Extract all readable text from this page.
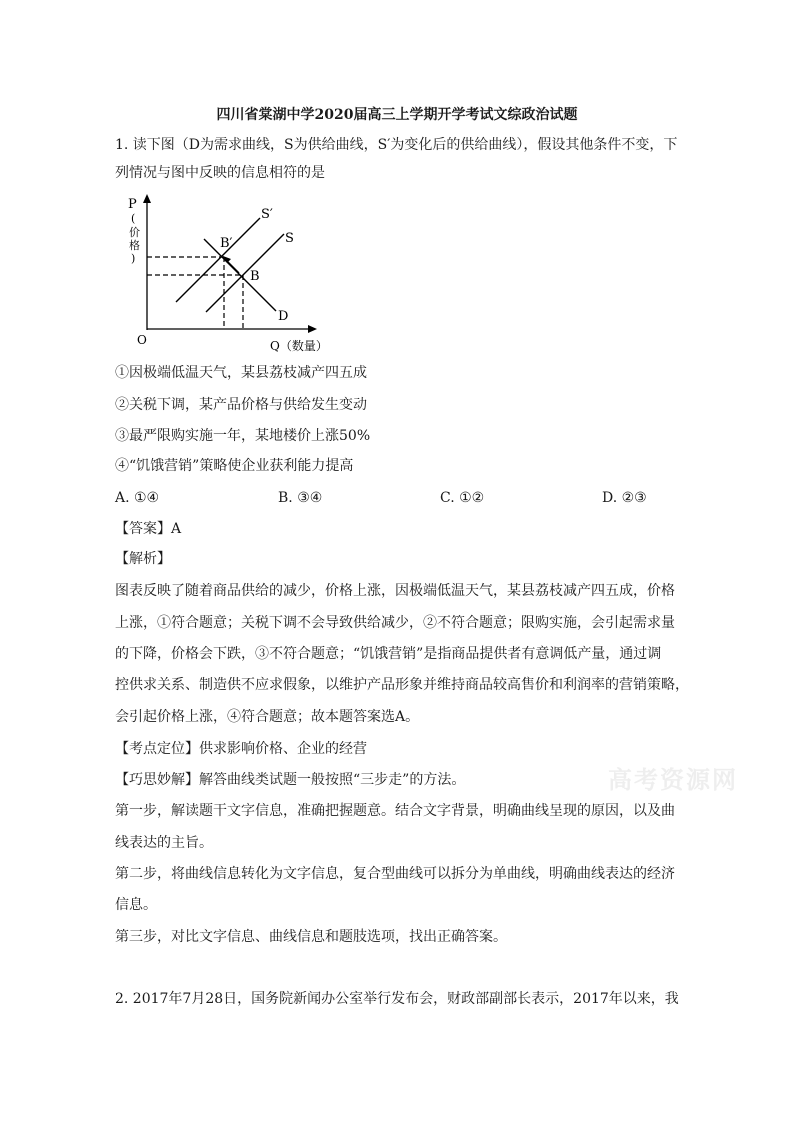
四川省棠湖中学2020届高三上学期开学考试文综政治试题
1. 读下图（D为需求曲线，S为供给曲线，S′为变化后的供给曲线），假设其他条件不变，下
列情况与图中反映的信息相符的是
P
(
价
格
)
O	Q（数量）
S′
S
B′
B
D
①因极端低温天气，某县荔枝减产四五成
②关税下调，某产品价格与供给发生变动
③最严限购实施一年，某地楼价上涨50%
④“饥饿营销”策略使企业获利能力提高
A. ①④	B. ③④	C. ①②	D. ②③
【答案】A
【解析】
图表反映了随着商品供给的减少，价格上涨，因极端低温天气，某县荔枝减产四五成，价格
上涨，①符合题意；关税下调不会导致供给减少，②不符合题意；限购实施，会引起需求量
的下降，价格会下跌，③不符合题意；“饥饿营销”是指商品提供者有意调低产量，通过调
控供求关系、制造供不应求假象，以维护产品形象并维持商品较高售价和利润率的营销策略，
会引起价格上涨，④符合题意；故本题答案选A。
【考点定位】供求影响价格、企业的经营
【巧思妙解】解答曲线类试题一般按照“三步走”的方法。
第一步，解读题干文字信息，准确把握题意。结合文字背景，明确曲线呈现的原因，以及曲
线表达的主旨。
第二步，将曲线信息转化为文字信息，复合型曲线可以拆分为单曲线，明确曲线表达的经济
信息。
第三步，对比文字信息、曲线信息和题肢选项，找出正确答案。
2. 2017年7月28日，国务院新闻办公室举行发布会，财政部副部长表示，2017年以来，我
高考资源网
